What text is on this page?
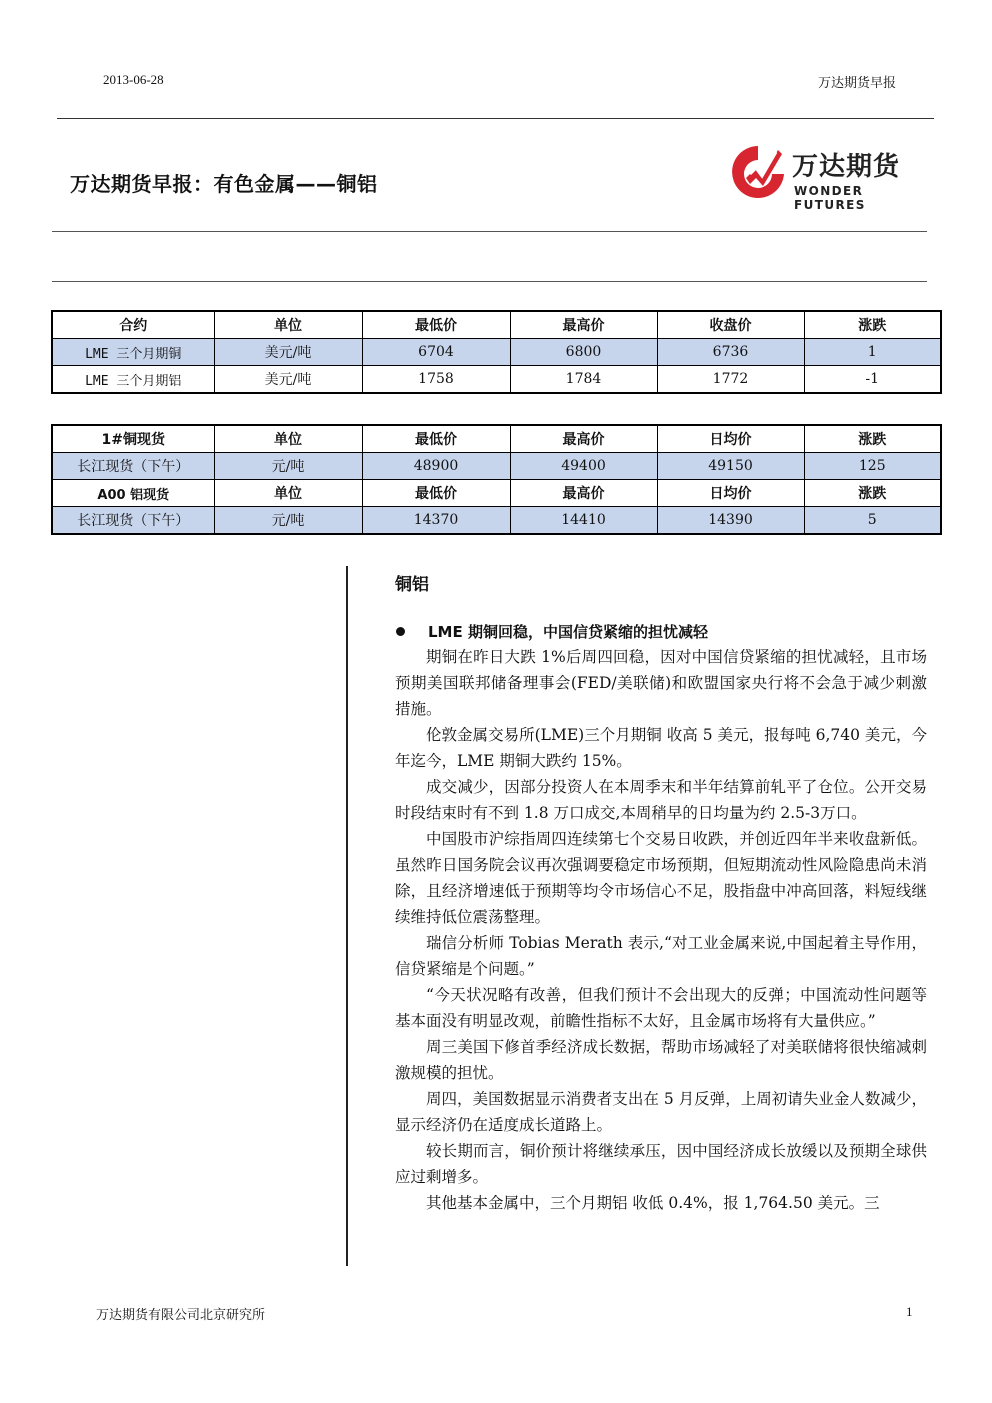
2013-06-28	万达期货早报
万达期货早报：有色金属——铜铝
万达期货
WONDER FUTURES
合约	单位	最低价	最高价	收盘价	涨跌
LME 三个月期铜	美元/吨	6704	6800	6736	1
LME 三个月期铝	美元/吨	1758	1784	1772	-1
1#铜现货	单位	最低价	最高价	日均价	涨跌
长江现货（下午）	元/吨	48900	49400	49150	125
A00 铝现货	单位	最低价	最高价	日均价	涨跌
长江现货（下午）	元/吨	14370	14410	14390	5
铜铝
LME 期铜回稳，中国信贷紧缩的担忧减轻

期铜在昨日大跌 1%后周四回稳，因对中国信贷紧缩的担忧减轻，且市场预期美国联邦储备理事会(FED/美联储)和欧盟国家央行将不会急于减少刺激措施。

伦敦金属交易所(LME)三个月期铜 收高 5 美元，报每吨 6,740 美元，今年迄今，LME 期铜大跌约 15%。

成交减少，因部分投资人在本周季末和半年结算前轧平了仓位。公开交易时段结束时有不到 1.8 万口成交,本周稍早的日均量为约 2.5-3万口。

中国股市沪综指周四连续第七个交易日收跌，并创近四年半来收盘新低。虽然昨日国务院会议再次强调要稳定市场预期，但短期流动性风险隐患尚未消除，且经济增速低于预期等均令市场信心不足，股指盘中冲高回落，料短线继续维持低位震荡整理。

瑞信分析师 Tobias Merath 表示,“对工业金属来说,中国起着主导作用，信贷紧缩是个问题。”

“今天状况略有改善，但我们预计不会出现大的反弹；中国流动性问题等基本面没有明显改观，前瞻性指标不太好，且金属市场将有大量供应。”

周三美国下修首季经济成长数据，帮助市场减轻了对美联储将很快缩减刺激规模的担忧。

周四，美国数据显示消费者支出在 5 月反弹，上周初请失业金人数减少，显示经济仍在适度成长道路上。

较长期而言，铜价预计将继续承压，因中国经济成长放缓以及预期全球供应过剩增多。

其他基本金属中，三个月期铝 收低 0.4%，报 1,764.50 美元。三

万达期货有限公司北京研究所	1
